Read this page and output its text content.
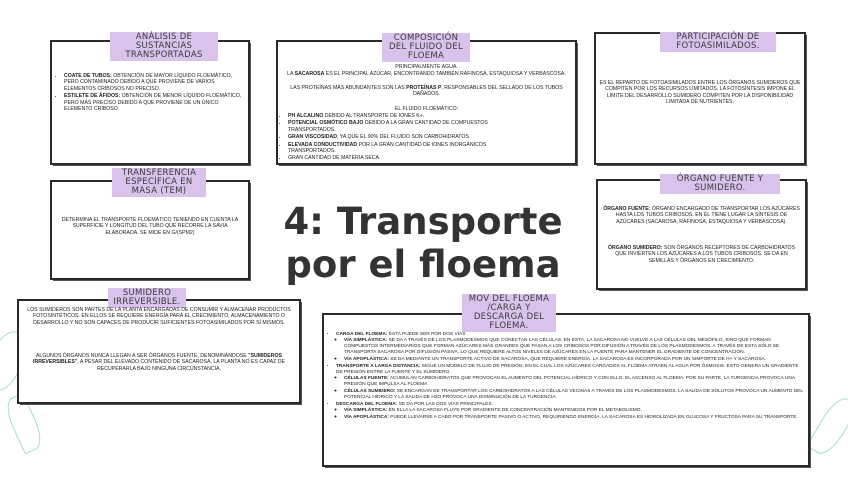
ANÁLISIS DE SUSTANCIAS TRANSPORTADAS
• COATE DE TUBOS: OBTENCIÓN DE MAYOR LÍQUIDO FLOEMÁTICO, PERO CONTAMINADO DEBIDO A QUE PROVIENE DE VARIOS ELEMENTOS CRIBOSOS NO PRECISO.
• ESTILETE DE ÁFIDOS: OBTENCIÓN DE MENOR LÍQUIDO FLOEMÁTICO, PERO MÁS PRECISO DEBIDO A QUE PROVIENE DE UN ÚNICO ELEMENTO CRIBOSO.
COMPOSICIÓN DEL FLUIDO DEL FLOEMA
PRINCIPALMENTE AGUA.
LA SACAROSA ES EL PRINCIPAL AZÚCAR, ENCONTRANDO TAMBIÉN RAFINOSA, ESTAQUIOSA Y VERBASCOSA.
LAS PROTEÍNAS MÁS ABUNDANTES SON LAS PROTEÍNAS P, RESPONSABLES DEL SELLADO DE LOS TUBOS DAÑADOS.
EL FLUIDO FLOEMÁTICO:
• PH ALCALINO DEBIDO AL TRANSPORTE DE IONES K+.
• POTENCIAL OSMÓTICO BAJO DEBIDO A LA GRAN CANTIDAD DE COMPUESTOS TRANSPORTADOS.
• GRAN VISCOSIDAD, YA QUE EL 90% DEL FLUIDO SON CARBOHIDRATOS.
• ELEVADA CONDUCTIVIDAD POR LA GRAN CANTIDAD DE IONES INORGÁNICOS TRANSPORTADOS.
• GRAN CANTIDAD DE MATERIA SECA.
PARTICIPACIÓN DE FOTOASIMILADOS.
ES EL REPARTO DE FOTOASIMILADOS ENTRE LOS ÓRGANOS SUMIDEROS QUE COMPITEN POR LOS RECURSOS LIMITADOS. LA FOTOSÍNTESIS IMPONE EL LÍMITE DEL DESARROLLO SUMIDERO COMPITEN POR LA DISPONIBILIDAD LIMITADA DE NUTRIENTES.
TRANSFERENCIA ESPECÍFICA EN MASA (TEM)
DETERMINA EL TRANSPORTE FLOEMÁTICO TENIENDO EN CUENTA LA SUPERFICIE Y LONGITUD DEL TUBO QUE RECORRE LA SAVIA ELABORADA. SE MIDE EN G/(SPM2)	4: Transporte
por el floema
ÓRGANO FUENTE Y SUMIDERO.
ÓRGANO FUENTE: ÓRGANO ENCARGADO DE TRANSPORTAR LOS AZÚCARES HASTA LOS TUBOS CRIBOSOS. EN ÉL TIENE LUGAR LA SÍNTESIS DE AZÚCARES (SACAROSA, RAFINOSA, ESTAQUIOSA Y VERBASCOSA).
ÓRGANO SUMIDERO: SON ÓRGANOS RECEPTORES DE CARBOHIDRATOS QUE INVIERTEN LOS AZÚCARES A LOS TUBOS CRIBOSOS. SE DA EN SEMILLAS Y ÓRGANOS EN CRECIMIENTO.
SUMIDERO IRREVERSIBLE.
LOS SUMIDEROS SON PARTES DE LA PLANTA ENCARGADAS DE CONSUMIR Y ALMACENAR PRODUCTOS FOTOSINTÉTICOS. EN ELLOS SE REQUIERE ENERGÍA PARA EL CRECIMIENTO, ALMACENAMIENTO O DESARROLLO Y NO SON CAPACES DE PRODUCIR SUFICIENTES FOTOASIMILADOS POR SÍ MISMOS.
ALGUNOS ÓRGANOS NUNCA LLEGAN A SER ÓRGANOS FUENTE, DENOMINÁNDOSE "SUMIDEROS IRREVERSIBLES", A PESAR DEL ELEVADO CONTENIDO DE SACAROSA, LA PLANTA NO ES CAPAZ DE RECUPERARLA BAJO NINGUNA CIRCUNSTANCIA.
MOV DEL FLOEMA /CARGA Y DESCARGA DEL FLOEMA.
• CARGA DEL FLOEMA: ESTA PUEDE SER POR DOS VÍAS.
◦ VÍA SIMPLÁSTICA: SE DA A TRAVÉS DE LOS PLASMODESMOS QUE CONECTAN LAS CÉLULAS. EN ESTA, LA SACAROSA NO VUELVE A LAS CÉLULAS DEL MESÓFILO, SINO QUE FORMAN COMPUESTOS INTERMEDIARIOS QUE FORMAN AZÚCARES MÁS GRANDES QUE PASAN A LOS CRIBOSOS POR DIFUSIÓN A TRAVÉS DE LOS PLASMODESMOS. A TRAVÉS DE ESTA SÓLO SE TRANSPORTA SACAROSA POR DIFUSIÓN PASIVA, LO QUE REQUIERE ALTOS NIVELES DE AZÚCARES EN LA FUENTE PARA MANTENER EL GRADIENTE DE CONCENTRACIÓN.
◦ VÍA APOPLÁSTICA: SE DA MEDIANTE UN TRANSPORTE ACTIVO DE SACAROSA, QUE REQUIERE ENERGÍA. LA SACAROSA ES INCORPORADA POR UN SIMPORTE DE H+ Y SACAROSA.
• TRANSPORTE A LARGA DISTANCIA: SIGUE UN MODELO DE FLUJO DE PRESIÓN, EN EL CUAL LOS AZÚCARES CARGADOS AL FLOEMA ATRAEN AL AGUA POR ÓSMOSIS. ESTO GENERA UN GRADIENTE DE PRESIÓN ENTRE LA FUENTE Y EL SUMIDERO.
◦ CÉLULAS FUENTE: ACUMULAN CARBOHIDRATOS QUE PROVOCAN EL AUMENTO DEL POTENCIAL HÍDRICO Y CON ELLO, EL ASCENSO AL FLOEMA. POR SU PARTE, LA TURGENCIA PROVOCA UNA PRESIÓN QUE IMPULSA AL FLOEMA.
◦ CÉLULAS SUMIDERO: SE ENCARGAN DE TRANSPORTAR LOS CARBOHIDRATOS A LAS CÉLULAS VECINAS A TRAVÉS DE LOS PLASMODESMOS. LA SALIDA DE SOLUTOS PROVOCA UN AUMENTO DEL POTENCIAL HÍDRICO Y LA SALIDA DE H2O PROVOCA UNA DISMINUCIÓN DE LA TURGENCIA.
• DESCARGA DEL FLOEMA: SE DA POR LAS DOS VÍAS PRINCIPALES.
◦ VÍA SIMPLÁSTICA: EN ELLA LA SACAROSA FLUYE POR GRADIENTE DE CONCENTRACIÓN MANTENIDOS POR EL METABOLISMO.
◦ VÍA APOPLÁSTICA: PUEDE LLEVARSE A CABO POR TRANSPORTE PASIVO O ACTIVO, REQUIRIENDO ENERGÍA. LA SACAROSA ES HIDROLIZADA EN GLUCOSA Y FRUCTOSA PARA SU TRANSPORTE.
